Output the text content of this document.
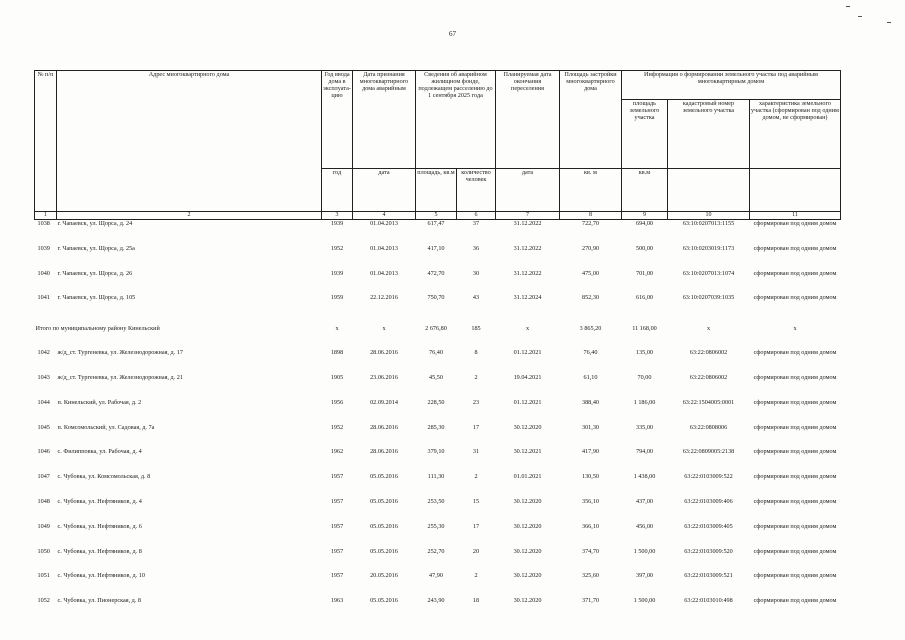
67
№ п/п	Адрес многоквартирного дома	Год ввода дома в эксплуата-цию	Дата признания многоквартирного дома аварийным	Сведения об аварийном жилищном фонде, подлежащем расселению до 1 сентября 2025 года		Планируемая дата окончания переселения	Площадь застройки многоквартирного дома	Информация о формировании земельного участка под аварийным многоквартирным домом		
								площадь земельного участка	кадастровый номер земельного участка	характеристика земельного участка (сформирован под одним домом, не сформирован)
		год	дата	площадь, кв.м	количество человек	дата	кв. м	кв.м		
1	2	3	4	5	6	7	8	9	10	11
1038	г. Чапаевск, ул. Щорса, д. 24	1939	01.04.2013	617,47	37	31.12.2022	722,70	694,00	63:10:0207013:1155	сформирован под одним домом
1039	г. Чапаевск, ул. Щорса, д. 25а	1952	01.04.2013	417,10	36	31.12.2022	270,90	500,00	63:10:0203019:1173	сформирован под одним домом
1040	г. Чапаевск, ул. Щорса, д. 26	1939	01.04.2013	472,70	30	31.12.2022	475,00	701,00	63:10:0207013:1074	сформирован под одним домом
1041	г. Чапаевск, ул. Щорса, д. 105	1959	22.12.2016	750,70	43	31.12.2024	852,30	616,00	63:10:0207039:1035	сформирован под одним домом
Итого по муниципальному району Кинельский		х	х	2 676,80	185	х	3 865,20	11 168,00	х	х
1042	ж/д_ст. Тургеневка, ул. Железнодорожная, д. 17	1898	28.06.2016	76,40	8	01.12.2021	76,40	135,00	63:22:0806002	сформирован под одним домом
1043	ж/д_ст. Тургеневка, ул. Железнодорожная, д. 21	1905	23.06.2016	45,50	2	19.04.2021	61,10	70,00	63:22:0806002	сформирован под одним домом
1044	п. Кинельский, ул. Рабочая, д. 2	1956	02.09.2014	228,50	23	01.12.2021	388,40	1 186,00	63:22:1504005:0001	сформирован под одним домом
1045	п. Комсомольский, ул. Садовая, д. 7а	1952	28.06.2016	285,30	17	30.12.2020	301,30	335,00	63:22:0808006	сформирован под одним домом
1046	с. Филипповка, ул. Рабочая, д. 4	1962	28.06.2016	379,10	31	30.12.2021	417,90	794,00	63:22:0809005:2138	сформирован под одним домом
1047	с. Чубовка, ул. Комсомольская, д. 8	1957	05.05.2016	111,30	2	01.01.2021	130,50	1 438,00	63:22:0103009:522	сформирован под одним домом
1048	с. Чубовка, ул. Нефтяников, д. 4	1957	05.05.2016	253,50	15	30.12.2020	356,10	437,00	63:22:0103009:406	сформирован под одним домом
1049	с. Чубовка, ул. Нефтяников, д. 6	1957	05.05.2016	255,30	17	30.12.2020	366,10	456,00	63:22:0103009:405	сформирован под одним домом
1050	с. Чубовка, ул. Нефтяников, д. 8	1957	05.05.2016	252,70	20	30.12.2020	374,70	1 500,00	63:22:0103009:520	сформирован под одним домом
1051	с. Чубовка, ул. Нефтяников, д. 10	1957	20.05.2016	47,90	2	30.12.2020	325,60	397,00	63:22:0103009:521	сформирован под одним домом
1052	с. Чубовка, ул. Пионерская, д. 8	1963	05.05.2016	243,90	18	30.12.2020	371,70	1 500,00	63:22:0103010:498	сформирован под одним домом
